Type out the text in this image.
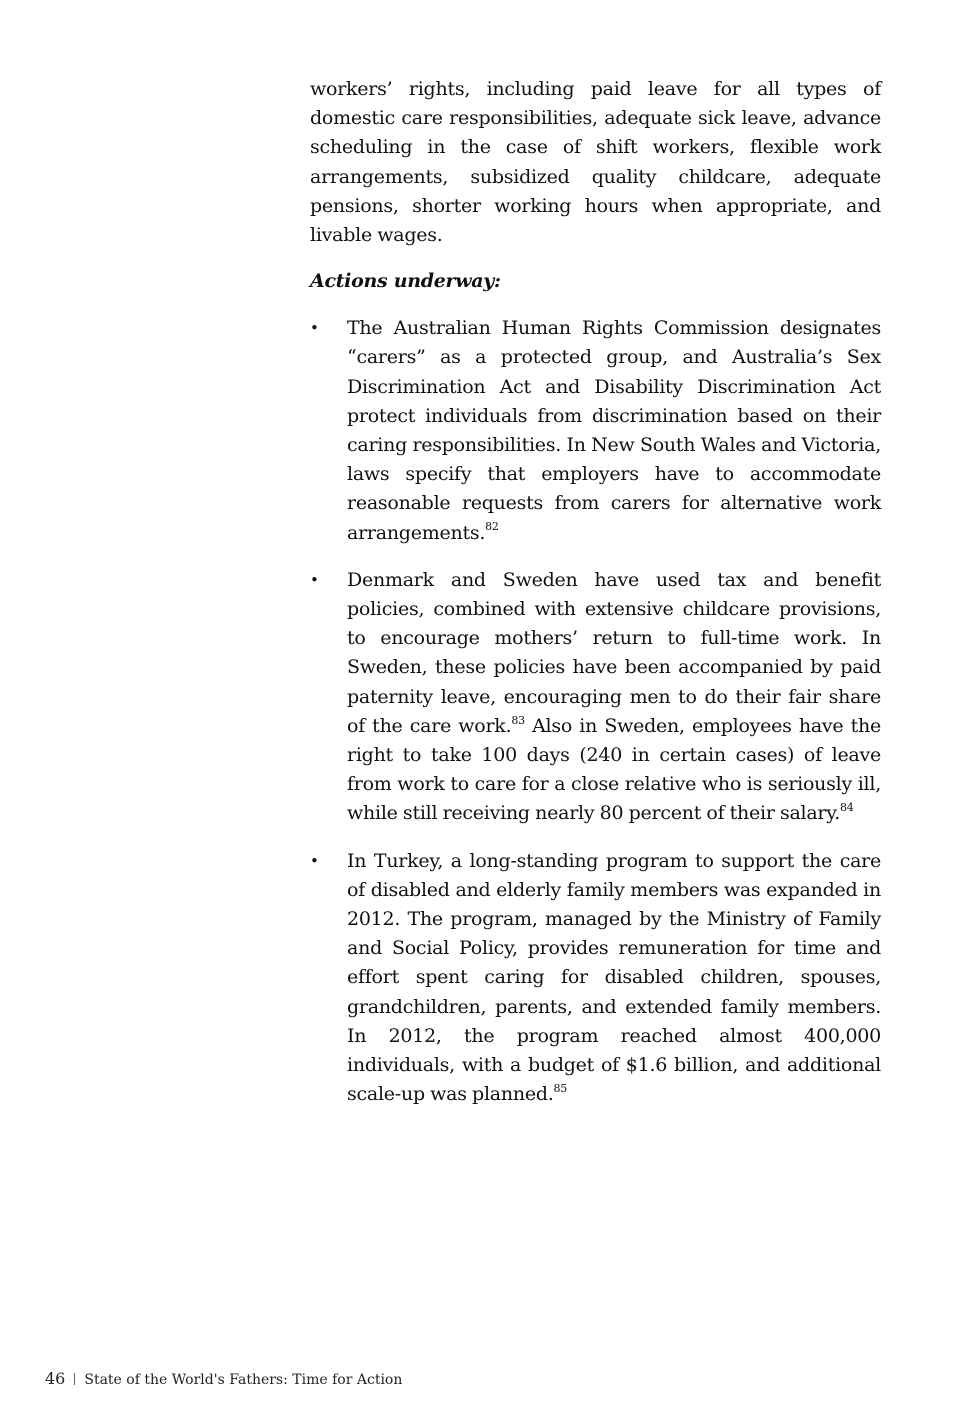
workers’ rights, including paid leave for all types of domestic care responsibilities, adequate sick leave, advance scheduling in the case of shift workers, flexible work arrangements, subsidized quality childcare, adequate pensions, shorter working hours when appropriate, and livable wages.

Actions underway:

• The Australian Human Rights Commission designates “carers” as a protected group, and Australia’s Sex Discrimination Act and Disability Discrimination Act protect individuals from discrimination based on their caring responsibilities. In New South Wales and Victoria, laws specify that employers have to accommodate reasonable requests from carers for alternative work arrangements.$^{82}$
• Denmark and Sweden have used tax and benefit policies, combined with extensive childcare provisions, to encourage mothers’ return to full-time work. In Sweden, these policies have been accompanied by paid paternity leave, encouraging men to do their fair share of the care work.$^{83}$ Also in Sweden, employees have the right to take 100 days (240 in certain cases) of leave from work to care for a close relative who is seriously ill, while still receiving nearly 80 percent of their salary.$^{84}$
• In Turkey, a long-standing program to support the care of disabled and elderly family members was expanded in 2012. The program, managed by the Ministry of Family and Social Policy, provides remuneration for time and effort spent caring for disabled children, spouses, grandchildren, parents, and extended family members. In 2012, the program reached almost 400,000 individuals, with a budget of $1.6 billion, and additional scale-up was planned.$^{85}$
46 State of the World's Fathers: Time for Action
